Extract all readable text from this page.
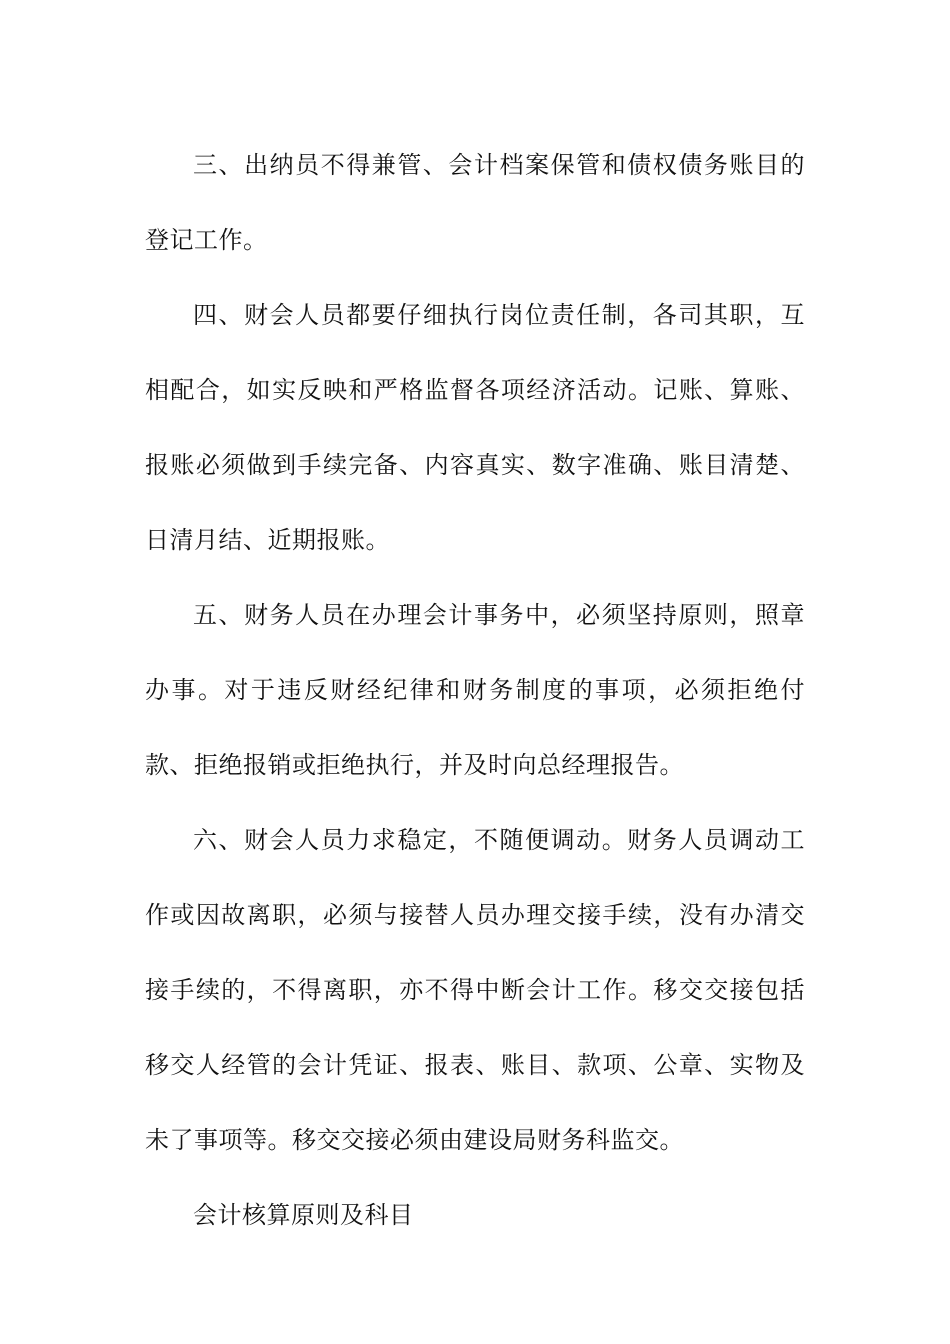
三、出纳员不得兼管、会计档案保管和债权债务账目的登记工作。

四、财会人员都要仔细执行岗位责任制，各司其职，互相配合，如实反映和严格监督各项经济活动。记账、算账、报账必须做到手续完备、内容真实、数字准确、账目清楚、日清月结、近期报账。

五、财务人员在办理会计事务中，必须坚持原则，照章办事。对于违反财经纪律和财务制度的事项，必须拒绝付款、拒绝报销或拒绝执行，并及时向总经理报告。

六、财会人员力求稳定，不随便调动。财务人员调动工作或因故离职，必须与接替人员办理交接手续，没有办清交接手续的，不得离职，亦不得中断会计工作。移交交接包括移交人经管的会计凭证、报表、账目、款项、公章、实物及未了事项等。移交交接必须由建设局财务科监交。

会计核算原则及科目
